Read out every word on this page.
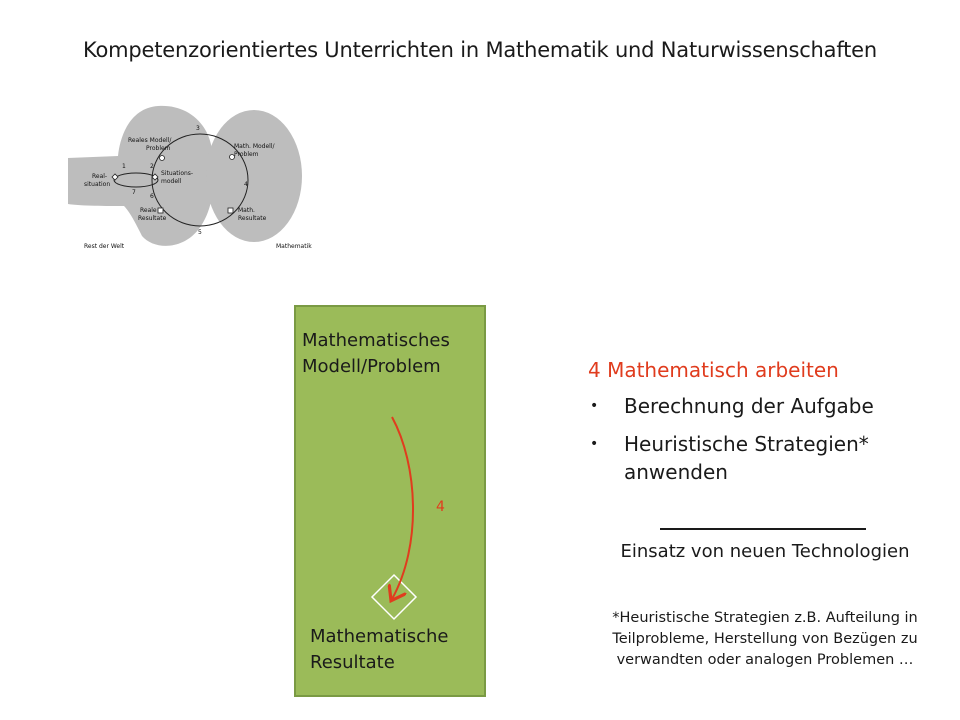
Kompetenzorientiertes Unterrichten in Mathematik und Naturwissenschaften
Reales Modell/
Problem
Real-
situation
Situations-
modell
Reale
Resultate
Math. Modell/
Problem
Math.
Resultate
Rest der Welt	Mathematik
1	2
3
4
5
6
7
4
Mathematisches
Modell/Problem
Mathematische
Resultate
4 Mathematisch arbeiten
• Berechnung der Aufgabe
• Heuristische Strategien*
anwenden
Einsatz von neuen Technologien
*Heuristische Strategien z.B. Aufteilung in
Teilprobleme, Herstellung von Bezügen zu
verwandten oder analogen Problemen …
